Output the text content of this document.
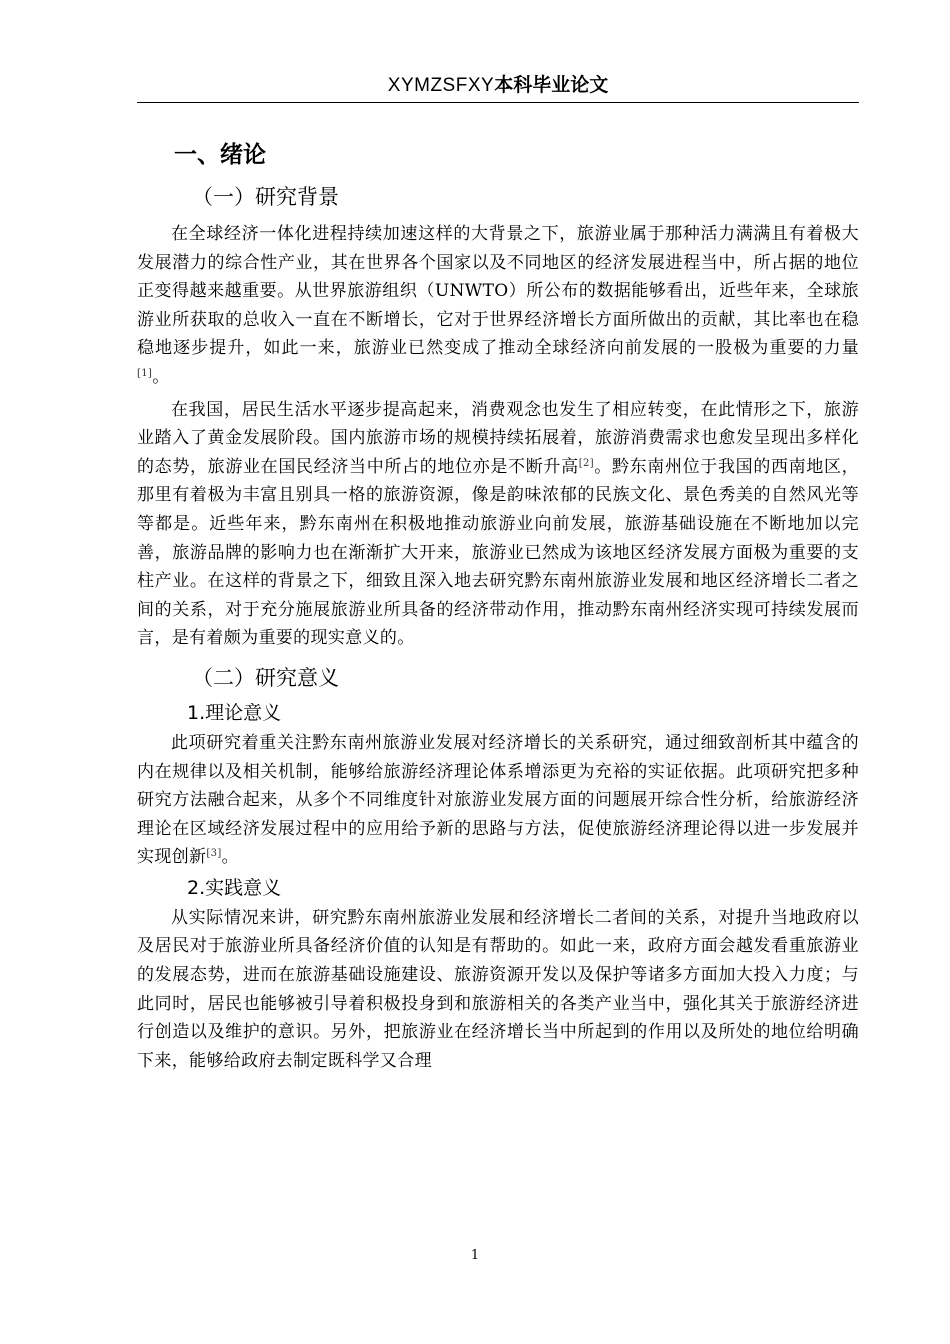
XYMZSFXY本科毕业论文
一、绪论
（一）研究背景

在全球经济一体化进程持续加速这样的大背景之下，旅游业属于那种活力满满且有着极大发展潜力的综合性产业，其在世界各个国家以及不同地区的经济发展进程当中，所占据的地位正变得越来越重要。从世界旅游组织（UNWTO）所公布的数据能够看出，近些年来，全球旅游业所获取的总收入一直在不断增长，它对于世界经济增长方面所做出的贡献，其比率也在稳稳地逐步提升，如此一来，旅游业已然变成了推动全球经济向前发展的一股极为重要的力量[1]。

在我国，居民生活水平逐步提高起来，消费观念也发生了相应转变，在此情形之下，旅游业踏入了黄金发展阶段。国内旅游市场的规模持续拓展着，旅游消费需求也愈发呈现出多样化的态势，旅游业在国民经济当中所占的地位亦是不断升高[2]。黔东南州位于我国的西南地区，那里有着极为丰富且别具一格的旅游资源，像是韵味浓郁的民族文化、景色秀美的自然风光等等都是。近些年来，黔东南州在积极地推动旅游业向前发展，旅游基础设施在不断地加以完善，旅游品牌的影响力也在渐渐扩大开来，旅游业已然成为该地区经济发展方面极为重要的支柱产业。在这样的背景之下，细致且深入地去研究黔东南州旅游业发展和地区经济增长二者之间的关系，对于充分施展旅游业所具备的经济带动作用，推动黔东南州经济实现可持续发展而言，是有着颇为重要的现实意义的。

（二）研究意义
1.理论意义

此项研究着重关注黔东南州旅游业发展对经济增长的关系研究，通过细致剖析其中蕴含的内在规律以及相关机制，能够给旅游经济理论体系增添更为充裕的实证依据。此项研究把多种研究方法融合起来，从多个不同维度针对旅游业发展方面的问题展开综合性分析，给旅游经济理论在区域经济发展过程中的应用给予新的思路与方法，促使旅游经济理论得以进一步发展并实现创新[3]。

2.实践意义

从实际情况来讲，研究黔东南州旅游业发展和经济增长二者间的关系，对提升当地政府以及居民对于旅游业所具备经济价值的认知是有帮助的。如此一来，政府方面会越发看重旅游业的发展态势，进而在旅游基础设施建设、旅游资源开发以及保护等诸多方面加大投入力度；与此同时，居民也能够被引导着积极投身到和旅游相关的各类产业当中，强化其关于旅游经济进行创造以及维护的意识。另外，把旅游业在经济增长当中所起到的作用以及所处的地位给明确下来，能够给政府去制定既科学又合理

1
